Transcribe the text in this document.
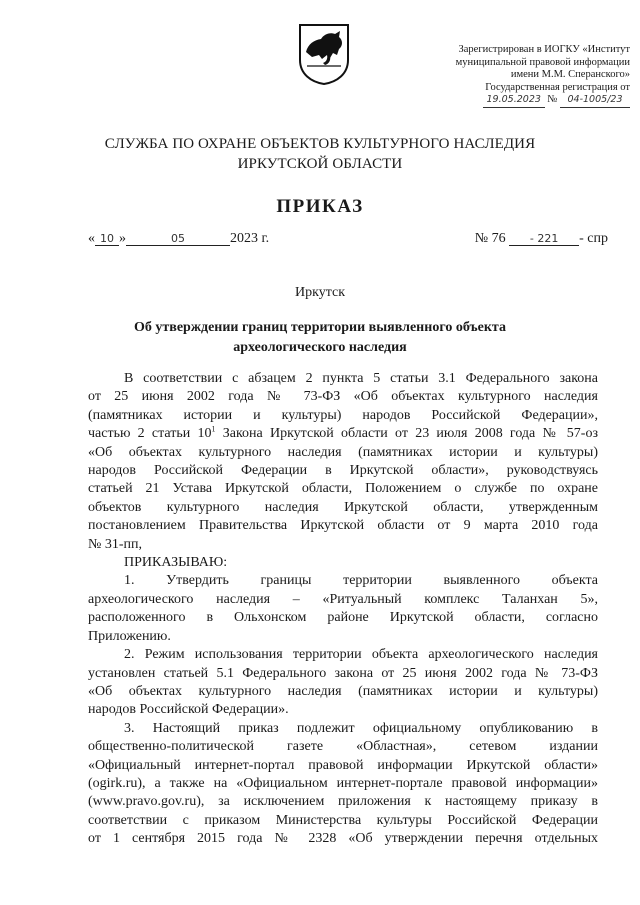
Зарегистрирован в ИОГКУ «Институт
муниципальной правовой информации
имени М.М. Сперанского»
Государственная регистрация от
19.05.2023 № 04-1005/23
СЛУЖБА ПО ОХРАНЕ ОБЪЕКТОВ КУЛЬТУРНОГО НАСЛЕДИЯ
ИРКУТСКОЙ ОБЛАСТИ
ПРИКАЗ
« 10 »	05	2023 г.	№ 76 - 221 - спр
Иркутск
Об утверждении границ территории выявленного объекта
археологического наследия

В соответствии с абзацем 2 пункта 5 статьи 3.1 Федерального закона

от 25 июня 2002 года № 73-ФЗ «Об объектах культурного наследия

(памятниках истории и культуры) народов Российской Федерации»,

частью 2 статьи $10^1$ Закона Иркутской области от 23 июля 2008 года № 57-оз

«Об объектах культурного наследия (памятниках истории и культуры)

народов Российской Федерации в Иркутской области», руководствуясь

статьей 21 Устава Иркутской области, Положением о службе по охране

объектов культурного наследия Иркутской области, утвержденным

постановлением Правительства Иркутской области от 9 марта 2010 года

№ 31-пп,

ПРИКАЗЫВАЮ:

1. Утвердить границы территории выявленного объекта

археологического наследия – «Ритуальный комплекс Таланхан 5»,

расположенного в Ольхонском районе Иркутской области, согласно

Приложению.

2. Режим использования территории объекта археологического наследия

установлен статьей 5.1 Федерального закона от 25 июня 2002 года № 73-ФЗ

«Об объектах культурного наследия (памятниках истории и культуры)

народов Российской Федерации».

3. Настоящий приказ подлежит официальному опубликованию в

общественно-политической газете «Областная», сетевом издании

«Официальный интернет-портал правовой информации Иркутской области»

(ogirk.ru), а также на «Официальном интернет-портале правовой информации»

(www.pravo.gov.ru), за исключением приложения к настоящему приказу в

соответствии с приказом Министерства культуры Российской Федерации

от 1 сентября 2015 года № 2328 «Об утверждении перечня отдельных
